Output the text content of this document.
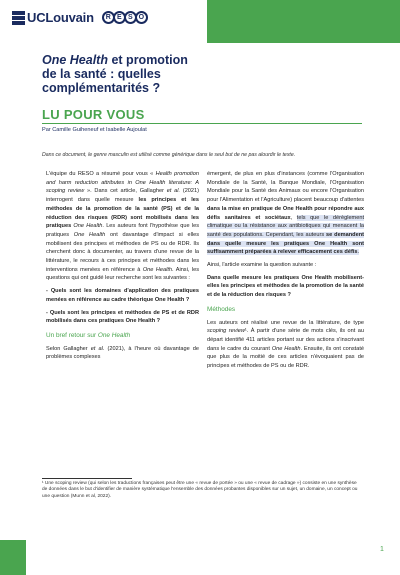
UCLouvain	R E S O
One Health et promotion de la santé : quelles complémentarités ?
LU POUR VOUS
Par Camille Guiheneuf et Isabelle Aujoulat
Dans ce document, le genre masculin est utilisé comme générique dans le seul but de ne pas alourdir le texte.

L'équipe du RESO a résumé pour vous « Health promotion and harm reduction attributes in One Health literature: A scoping review ». Dans cet article, Gallagher et al. (2021) interrogent dans quelle mesure les principes et les méthodes de la promotion de la santé (PS) et de la réduction des risques (RDR) sont mobilisés dans les pratiques One Health. Les auteurs font l'hypothèse que les pratiques One Health ont davantage d'impact si elles mobilisent des principes et méthodes de PS ou de RDR. Ils cherchent donc à documenter, au travers d'une revue de la littérature, le recours à ces principes et méthodes dans les interventions menées en référence à One Health. Ainsi, les questions qui ont guidé leur recherche sont les suivantes :

- Quels sont les domaines d'application des pratiques menées en référence au cadre théorique One Health ?

- Quels sont les principes et méthodes de PS et de RDR mobilisés dans ces pratiques One Health ?

Un bref retour sur One Health

Selon Gallagher et al. (2021), à l'heure où davantage de problèmes complexes

émergent, de plus en plus d'instances (comme l'Organisation Mondiale de la Santé, la Banque Mondiale, l'Organisation Mondiale pour la Santé des Animaux ou encore l'Organisation pour l'Alimentation et l'Agriculture) placent beaucoup d'attentes dans la mise en pratique de One Health pour répondre aux défis sanitaires et sociétaux, tels que le dérèglement climatique ou la résistance aux antibiotiques qui menacent la santé des populations. Cependant, les auteurs se demandent dans quelle mesure les pratiques One Health sont suffisamment préparées à relever efficacement ces défis.

Ainsi, l'article examine la question suivante :

Dans quelle mesure les pratiques One Health mobilisent-elles les principes et méthodes de la promotion de la santé et de la réduction des risques ?

Méthodes

Les auteurs ont réalisé une revue de la littérature, de type scoping review¹. À partir d'une série de mots clés, ils ont au départ identifié 411 articles portant sur des actions s'inscrivant dans le cadre du courant One Health. Ensuite, ils ont constaté que plus de la moitié de ces articles n'évoquaient pas de principes et méthodes de PS ou de RDR.

¹ Une scoping review (qui selon les traductions françaises peut être une « revue de portée » ou une « revue de cadrage ») consiste en une synthèse de données dans le but d'identifier de manière systématique l'ensemble des données probantes disponibles sur un sujet, un domaine, un concept ou une question (Munn et al, 2022).
1
